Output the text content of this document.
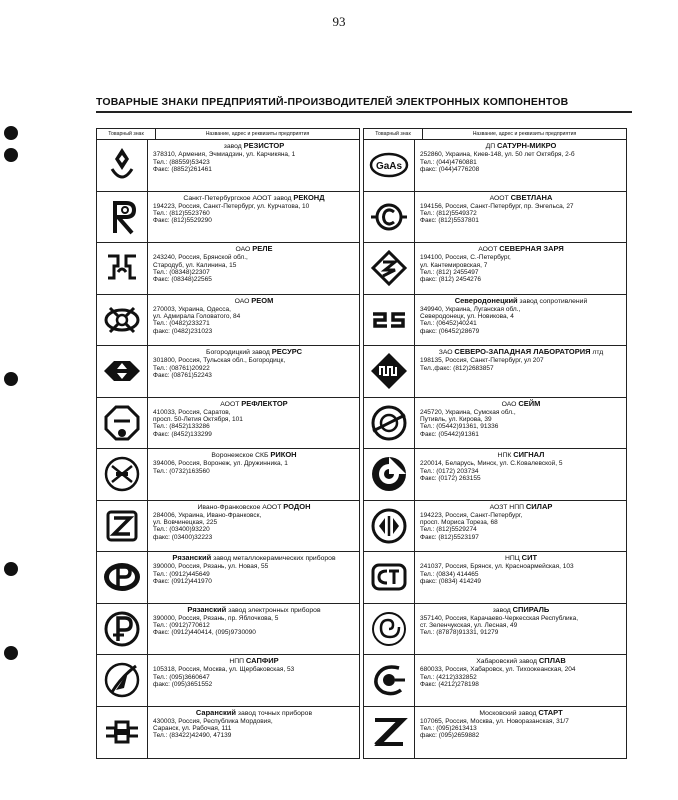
93
ТОВАРНЫЕ ЗНАКИ ПРЕДПРИЯТИЙ-ПРОИЗВОДИТЕЛЕЙ ЭЛЕКТРОННЫХ КОМПОНЕНТОВ
Товарный знак	Название, адрес и реквизиты предприятия
завод РЕЗИСТОР
378310, Армения, Эчмиадзин, ул. Карчикяна, 1
Тел.: (88559)53423
Факс: (8852)261461
Санкт-Петербургское АООТ завод РЕКОНД
194223, Россия, Санкт-Петербург, ул. Курчатова, 10
Тел.: (812)5523760
Факс: (812)5529290
ОАО РЕЛЕ
243240, Россия, Брянской обл.,
Стародуб, ул. Калинина, 15
Тел.: (08348)22307
Факс: (08348)22565
ОАО РЕОМ
270003, Украина, Одесса,
ул. Адмирала Головатого, 84
Тел.: (0482)233271
факс: (0482)231023
Богородицкий завод РЕСУРС
301800, Россия, Тульская обл., Богородицк,
Тел.: (08761)20922
Факс: (08761)52243
АООТ РЕФЛЕКТОР
410033, Россия, Саратов,
просп. 50-Летия Октября, 101
Тел.: (8452)133286
Факс: (8452)133299
Воронежское СКБ РИКОН
394006, Россия, Воронеж, ул. Дружинника, 1
Тел.: (0732)163560
Ивано-Франковское АООТ РОДОН
284006, Украина, Ивано-Франковск,
ул. Вовчинецкая, 225
Тел.: (03400)93220
факс: (03400)32223
Рязанский завод металлокерамических приборов
390000, Россия, Рязань, ул. Новая, 55
Тел.: (0912)445649
Факс: (0912)441970
Рязанский завод электронных приборов
390000, Россия, Рязань, пр. Яблочкова, 5
Тел.: (0912)770612
Факс: (0912)440414, (095)9730090
НПП САПФИР
105318, Россия, Москва, ул. Щербаковская, 53
Тел.: (095)3660647
факс: (095)3651552
Саранский завод точных приборов
430003, Россия, Республика Мордовия,
Саранск, ул. Рабочая, 111
Тел.: (83422)42490, 47139
Товарный знак	Название, адрес и реквизиты предприятия
GaAs
ДП САТУРН-МИКРО
252860, Украина, Киев-148, ул. 50 лет Октября, 2-б
Тел.: (044)4760881
факс: (044)4776208
АООТ СВЕТЛАНА
194156, Россия, Санкт-Петербург, пр. Энгельса, 27
Тел.: (812)5549372
Факс: (812)5537801
АООТ СЕВЕРНАЯ ЗАРЯ
194100, Россия, С.-Петербург,
ул. Кантемировская, 7
Тел.: (812) 2455497
факс: (812) 2454276
Северодонецкий завод сопротивлений
349940, Украина, Луганская обл.,
Северодонецк, ул. Новикова, 4
Тел.: (06452)40241
факс: (06452)28679
ЗАО СЕВЕРО-ЗАПАДНАЯ ЛАБОРАТОРИЯ лтд
198135, Россия, Санкт-Петербург, ул 207
Тел.,факс: (812)2683857
ОАО СЕЙМ
245720, Украина, Сумская обл.,
Путивль, ул. Кирова, 39
Тел.: (05442)91361, 91336
Факс: (05442)91361
НПК СИГНАЛ
220014, Беларусь, Минск, ул. С.Ковалевской, 5
Тел.: (0172) 203734
Факс: (0172) 263155
АОЗТ НПП СИЛАР
194223, Россия, Санкт-Петербург,
просп. Мориса Тореза, 68
Тел.: (812)5529274
Факс: (812)5523197
НПЦ СИТ
241037, Россия, Брянск, ул. Красноармейская, 103
Тел.: (0834) 414465
факс: (0834) 414249
завод СПИРАЛЬ
357140, Россия, Карачаево-Черкесская Республика,
ст. Зеленчукская, ул. Лесная, 49
Тел.: (87878)91331, 91279
Хабаровский завод СПЛАВ
680033, Россия, Хабаровск, ул. Тихоокеанская, 204
Тел.: (4212)332852
Факс: (4212)278198
Московский завод СТАРТ
107065, Россия, Москва, ул. Новоразанская, 31/7
Тел.: (095)2613413
факс: (095)2659882
